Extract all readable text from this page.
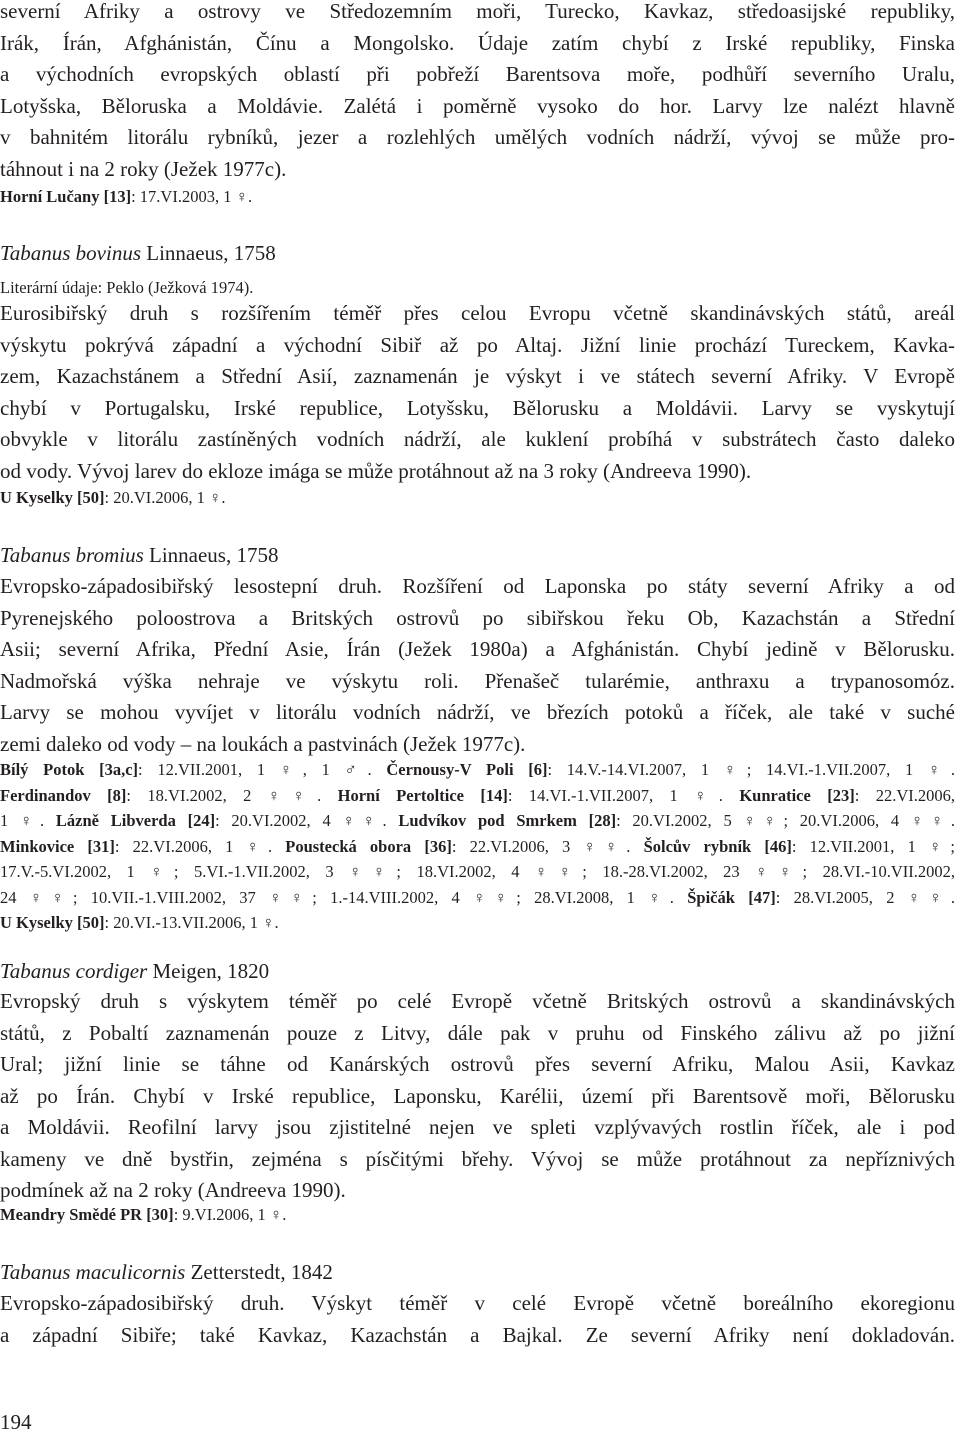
severní Afriky a ostrovy ve Středozemním moři, Turecko, Kavkaz, středoasijské republiky,
Irák, Írán, Afghánistán, Čínu a Mongolsko. Údaje zatím chybí z Irské republiky, Finska
a východních evropských oblastí při pobřeží Barentsova moře, podhůří severního Uralu,
Lotyšska, Běloruska a Moldávie. Zalétá i poměrně vysoko do hor. Larvy lze nalézt hlavně
v bahnitém litorálu rybníků, jezer a rozlehlých umělých vodních nádrží, vývoj se může pro-
táhnout i na 2 roky (Ježek 1977c).
Horní Lučany [13]: 17.VI.2003, 1 ♀.
Tabanus bovinus Linnaeus, 1758
Literární údaje: Peklo (Ježková 1974).
Eurosibiřský druh s rozšířením téměř přes celou Evropu včetně skandinávských států, areál
výskytu pokrývá západní a východní Sibiř až po Altaj. Jižní linie prochází Tureckem, Kavka-
zem, Kazachstánem a Střední Asií, zaznamenán je výskyt i ve státech severní Afriky. V Evropě
chybí v Portugalsku, Irské republice, Lotyšsku, Bělorusku a Moldávii. Larvy se vyskytují
obvykle v litorálu zastíněných vodních nádrží, ale kuklení probíhá v substrátech často daleko
od vody. Vývoj larev do ekloze imága se může protáhnout až na 3 roky (Andreeva 1990).
U Kyselky [50]: 20.VI.2006, 1 ♀.
Tabanus bromius Linnaeus, 1758
Evropsko-západosibiřský lesostepní druh. Rozšíření od Laponska po státy severní Afriky a od
Pyrenejského poloostrova a Britských ostrovů po sibiřskou řeku Ob, Kazachstán a Střední
Asii; severní Afrika, Přední Asie, Írán (Ježek 1980a) a Afghánistán. Chybí jedině v Bělorusku.
Nadmořská výška nehraje ve výskytu roli. Přenašeč tularémie, anthraxu a trypanosomóz.
Larvy se mohou vyvíjet v litorálu vodních nádrží, ve březích potoků a říček, ale také v suché
zemi daleko od vody – na loukách a pastvinách (Ježek 1977c).
Bílý Potok [3a,c]: 12.VII.2001, 1 ♀, 1 ♂. Černousy-V Poli [6]: 14.V.-14.VI.2007, 1 ♀; 14.VI.-1.VII.2007, 1 ♀.
Ferdinandov [8]: 18.VI.2002, 2 ♀♀. Horní Pertoltice [14]: 14.VI.-1.VII.2007, 1 ♀. Kunratice [23]: 22.VI.2006,
1 ♀. Lázně Libverda [24]: 20.VI.2002, 4 ♀♀. Ludvíkov pod Smrkem [28]: 20.VI.2002, 5 ♀♀; 20.VI.2006, 4 ♀♀.
Minkovice [31]: 22.VI.2006, 1 ♀. Poustecká obora [36]: 22.VI.2006, 3 ♀♀. Šolcův rybník [46]: 12.VII.2001, 1 ♀;
17.V.-5.VI.2002, 1 ♀; 5.VI.-1.VII.2002, 3 ♀♀; 18.VI.2002, 4 ♀♀; 18.-28.VI.2002, 23 ♀♀; 28.VI.-10.VII.2002,
24 ♀♀; 10.VII.-1.VIII.2002, 37 ♀♀; 1.-14.VIII.2002, 4 ♀♀; 28.VI.2008, 1 ♀. Špičák [47]: 28.VI.2005, 2 ♀♀.
U Kyselky [50]: 20.VI.-13.VII.2006, 1 ♀.
Tabanus cordiger Meigen, 1820
Evropský druh s výskytem téměř po celé Evropě včetně Britských ostrovů a skandinávských
států, z Pobaltí zaznamenán pouze z Litvy, dále pak v pruhu od Finského zálivu až po jižní
Ural; jižní linie se táhne od Kanárských ostrovů přes severní Afriku, Malou Asii, Kavkaz
až po Írán. Chybí v Irské republice, Laponsku, Karélii, území při Barentsově moři, Bělorusku
a Moldávii. Reofilní larvy jsou zjistitelné nejen ve spleti vzplývavých rostlin říček, ale i pod
kameny ve dně bystřin, zejména s písčitými břehy. Vývoj se může protáhnout za nepříznivých
podmínek až na 2 roky (Andreeva 1990).
Meandry Smědé PR [30]: 9.VI.2006, 1 ♀.
Tabanus maculicornis Zetterstedt, 1842
Evropsko-západosibiřský druh. Výskyt téměř v celé Evropě včetně boreálního ekoregionu
a západní Sibiře; také Kavkaz, Kazachstán a Bajkal. Ze severní Afriky není dokladován.
194
